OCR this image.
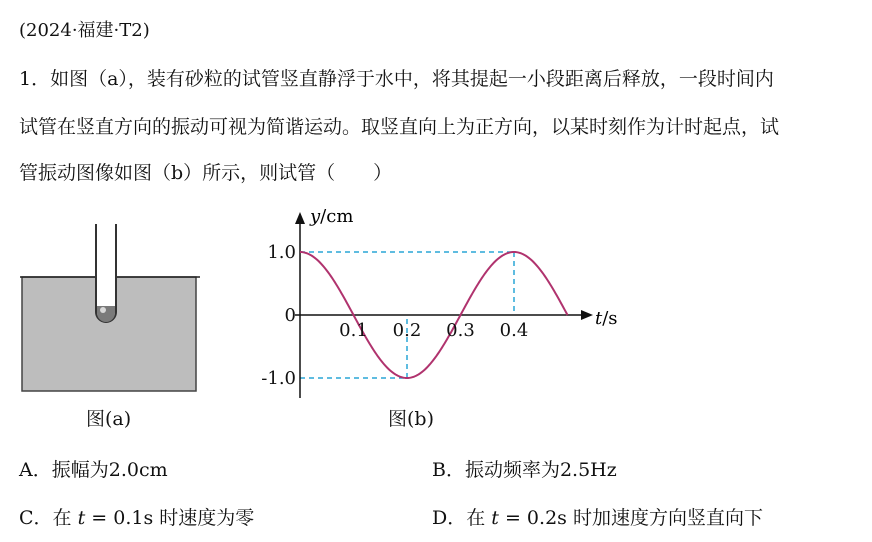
(2024·福建·T2)
1．如图（a），装有砂粒的试管竖直静浮于水中，将其提起一小段距离后释放，一段时间内
试管在竖直方向的振动可视为简谐运动。取竖直向上为正方向，以某时刻作为计时起点，试
管振动图像如图（b）所示，则试管（　　）
图(a)
0.1 0.2 0.3 0.4
1.0
0
-1.0
y/cm
t/s
图(b)
A．振幅为2.0cm	B．振动频率为2.5Hz
C．在 t = 0.1s 时速度为零	D．在 t = 0.2s 时加速度方向竖直向下
